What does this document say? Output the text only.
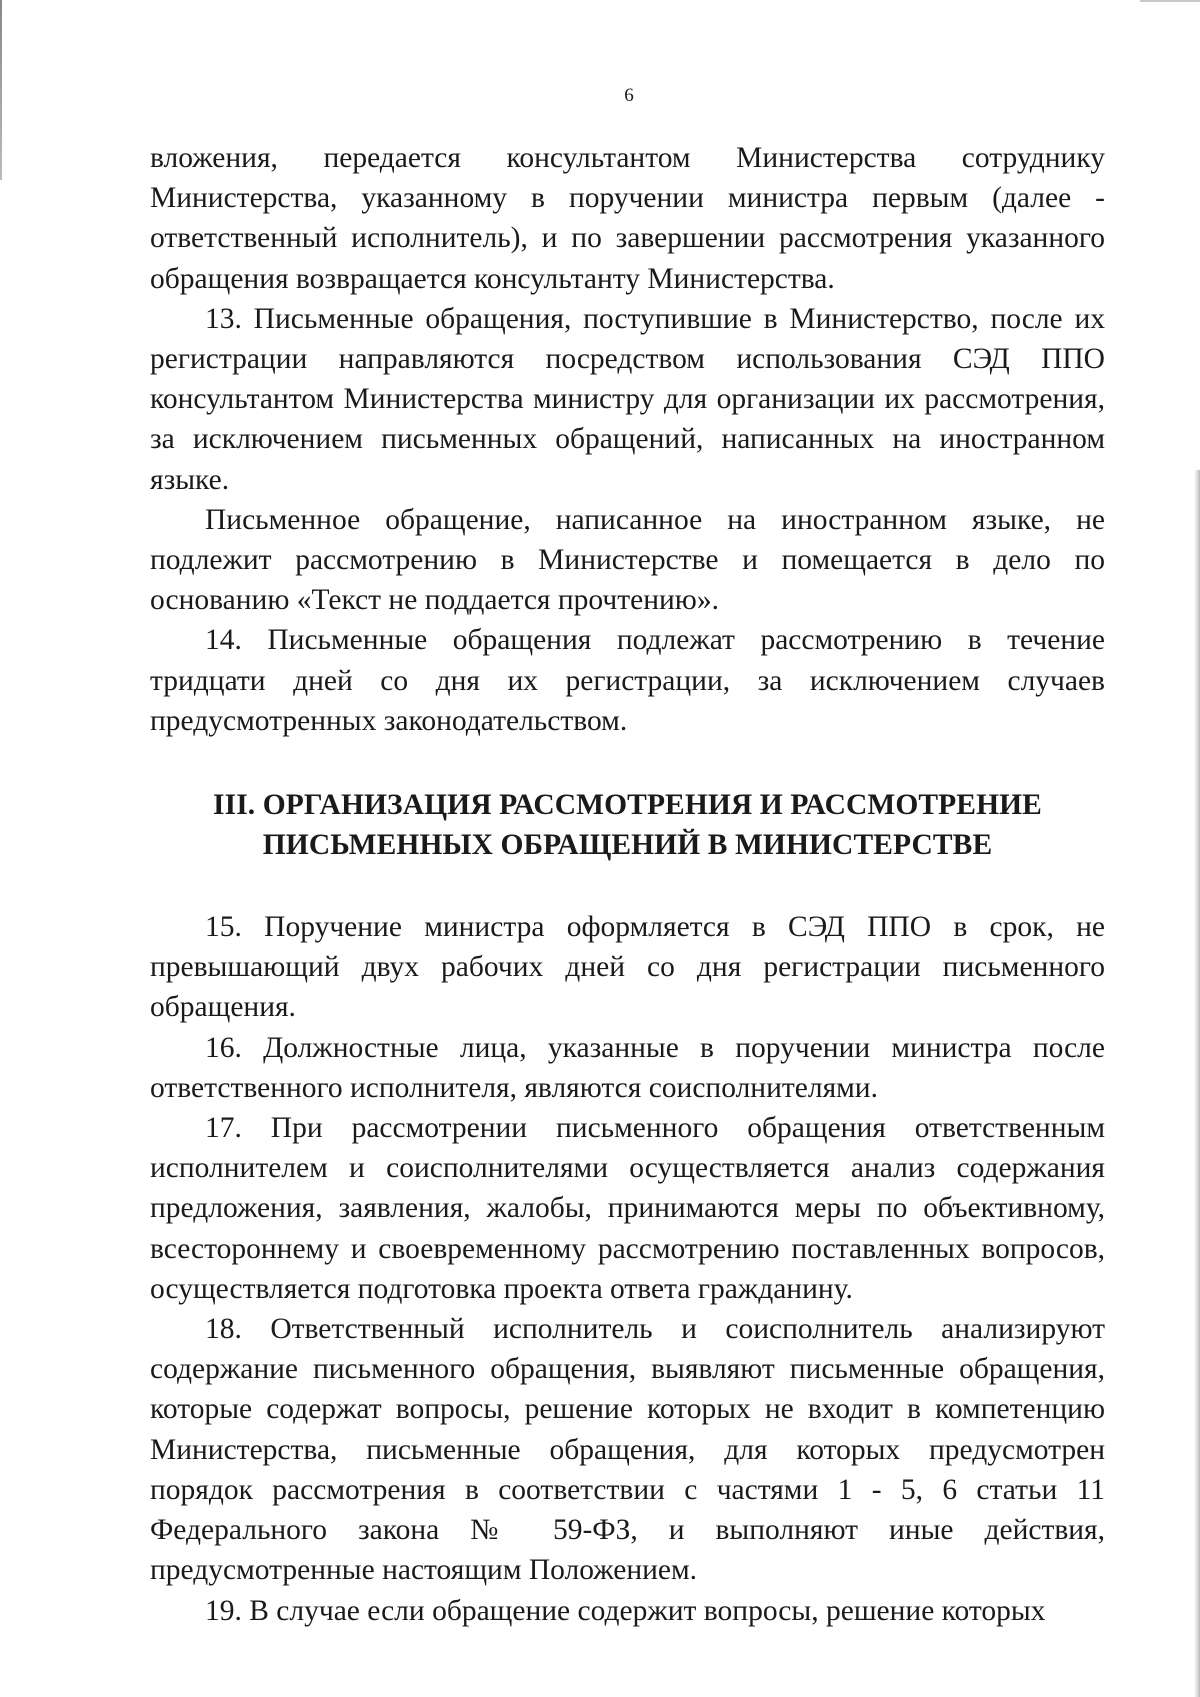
6

вложения, передается консультантом Министерства сотруднику Министерства, указанному в поручении министра первым (далее - ответственный исполнитель), и по завершении рассмотрения указанного обращения возвращается консультанту Министерства.

13. Письменные обращения, поступившие в Министерство, после их регистрации направляются посредством использования СЭД ППО консультантом Министерства министру для организации их рассмотрения, за исключением письменных обращений, написанных на иностранном языке.

Письменное обращение, написанное на иностранном языке, не подлежит рассмотрению в Министерстве и помещается в дело по основанию «Текст не поддается прочтению».

14. Письменные обращения подлежат рассмотрению в течение тридцати дней со дня их регистрации, за исключением случаев предусмотренных законодательством.

III. ОРГАНИЗАЦИЯ РАССМОТРЕНИЯ И РАССМОТРЕНИЕ
ПИСЬМЕННЫХ ОБРАЩЕНИЙ В МИНИСТЕРСТВЕ

15. Поручение министра оформляется в СЭД ППО в срок, не превышающий двух рабочих дней со дня регистрации письменного обращения.

16. Должностные лица, указанные в поручении министра после ответственного исполнителя, являются соисполнителями.

17. При рассмотрении письменного обращения ответственным исполнителем и соисполнителями осуществляется анализ содержания предложения, заявления, жалобы, принимаются меры по объективному, всестороннему и своевременному рассмотрению поставленных вопросов, осуществляется подготовка проекта ответа гражданину.

18. Ответственный исполнитель и соисполнитель анализируют содержание письменного обращения, выявляют письменные обращения, которые содержат вопросы, решение которых не входит в компетенцию Министерства, письменные обращения, для которых предусмотрен порядок рассмотрения в соответствии с частями 1 - 5, 6 статьи 11 Федерального закона № 59-ФЗ, и выполняют иные действия, предусмотренные настоящим Положением.

19. В случае если обращение содержит вопросы, решение которых
